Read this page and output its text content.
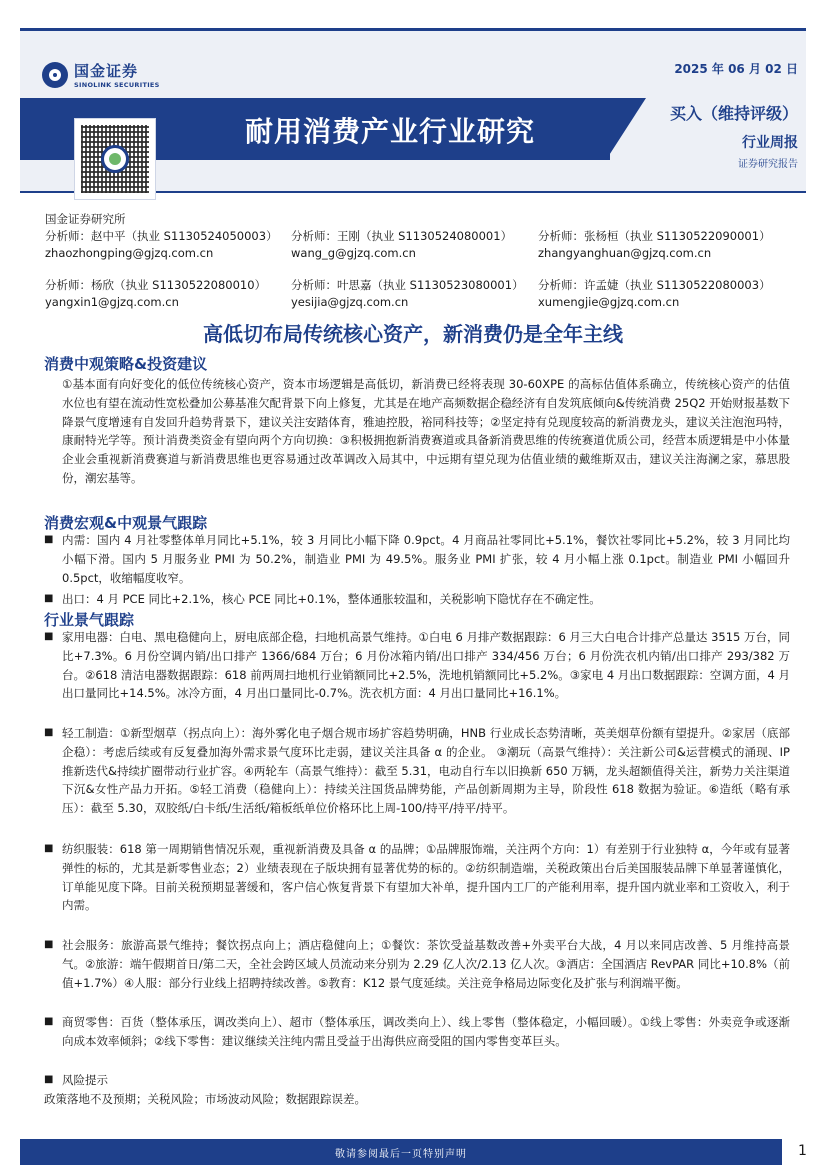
国金证券
SINOLINK SECURITIES
耐用消费产业行业研究
2025 年 06 月 02 日
买入（维持评级）
行业周报
证券研究报告
国金证券研究所
分析师：赵中平（执业 S1130524050003）
zhaozhongping@gjzq.com.cn
分析师：王刚（执业 S1130524080001）
wang_g@gjzq.com.cn
分析师：张杨桓（执业 S1130522090001）
zhangyanghuan@gjzq.com.cn
分析师：杨欣（执业 S1130522080010）
yangxin1@gjzq.com.cn
分析师：叶思嘉（执业 S1130523080001）
yesijia@gjzq.com.cn
分析师：许孟婕（执业 S1130522080003）
xumengjie@gjzq.com.cn
高低切布局传统核心资产，新消费仍是全年主线
消费中观策略&投资建议
①基本面有向好变化的低位传统核心资产，资本市场逻辑是高低切，新消费已经将表现 30-60XPE 的高标估值体系确立，传统核心资产的估值水位也有望在流动性宽松叠加公募基准欠配背景下向上修复，尤其是在地产高频数据企稳经济有自发筑底倾向&传统消费 25Q2 开始财报基数下降景气度增速有自发回升趋势背景下，建议关注安踏体育，雅迪控股，裕同科技等；②坚定持有兑现度较高的新消费龙头，建议关注泡泡玛特，康耐特光学等。预计消费类资金有望向两个方向切换：③积极拥抱新消费赛道或具备新消费思维的传统赛道优质公司，经营本质逻辑是中小体量企业会重视新消费赛道与新消费思维也更容易通过改革调改入局其中，中远期有望兑现为估值业绩的戴维斯双击，建议关注海澜之家，慕思股份，潮宏基等。
消费宏观&中观景气跟踪
■ 内需：国内 4 月社零整体单月同比+5.1%，较 3 月同比小幅下降 0.9pct。4 月商品社零同比+5.1%，餐饮社零同比+5.2%，较 3 月同比均小幅下滑。国内 5 月服务业 PMI 为 50.2%，制造业 PMI 为 49.5%。服务业 PMI 扩张，较 4 月小幅上涨 0.1pct。制造业 PMI 小幅回升 0.5pct，收缩幅度收窄。
■ 出口：4 月 PCE 同比+2.1%，核心 PCE 同比+0.1%，整体通胀较温和，关税影响下隐忧存在不确定性。
行业景气跟踪
■ 家用电器：白电、黑电稳健向上，厨电底部企稳，扫地机高景气维持。①白电 6 月排产数据跟踪：6 月三大白电合计排产总量达 3515 万台，同比+7.3%。6 月份空调内销/出口排产 1366/684 万台；6 月份冰箱内销/出口排产 334/456 万台；6 月份洗衣机内销/出口排产 293/382 万台。②618 清洁电器数据跟踪：618 前两周扫地机行业销额同比+2.5%，洗地机销额同比+5.2%。③家电 4 月出口数据跟踪：空调方面，4 月出口量同比+14.5%。冰冷方面，4 月出口量同比-0.7%。洗衣机方面：4 月出口量同比+16.1%。
■ 轻工制造：①新型烟草（拐点向上）：海外雾化电子烟合规市场扩容趋势明确，HNB 行业成长态势清晰，英美烟草份额有望提升。②家居（底部企稳）：考虑后续或有反复叠加海外需求景气度环比走弱，建议关注具备 α 的企业。 ③潮玩（高景气维持）：关注新公司&运营模式的涌现、IP 推新迭代&持续扩圈带动行业扩容。④两轮车（高景气维持）：截至 5.31，电动自行车以旧换新 650 万辆，龙头超额值得关注，新势力关注渠道下沉&女性产品力开拓。⑤轻工消费（稳健向上）：持续关注国货品牌势能，产品创新周期为主导，阶段性 618 数据为验证。⑥造纸（略有承压）：截至 5.30，双胶纸/白卡纸/生活纸/箱板纸单位价格环比上周-100/持平/持平/持平。
■ 纺织服装：618 第一周期销售情况乐观，重视新消费及具备 α 的品牌；①品牌服饰端，关注两个方向：1）有差别于行业独特 α，今年或有显著弹性的标的，尤其是新零售业态；2）业绩表现在子版块拥有显著优势的标的。②纺织制造端，关税政策出台后美国服装品牌下单显著谨慎化，订单能见度下降。目前关税预期显著缓和，客户信心恢复背景下有望加大补单，提升国内工厂的产能利用率，提升国内就业率和工资收入，利于内需。
■ 社会服务：旅游高景气维持；餐饮拐点向上；酒店稳健向上；①餐饮：茶饮受益基数改善+外卖平台大战，4 月以来同店改善、5 月维持高景气。②旅游：端午假期首日/第二天，全社会跨区域人员流动来分别为 2.29 亿人次/2.13 亿人次。③酒店：全国酒店 RevPAR 同比+10.8%（前值+1.7%）④人服：部分行业线上招聘持续改善。⑤教育：K12 景气度延续。关注竞争格局边际变化及扩张与利润端平衡。
■ 商贸零售：百货（整体承压，调改类向上）、超市（整体承压，调改类向上）、线上零售（整体稳定，小幅回暖）。①线上零售：外卖竞争或逐渐向成本效率倾斜；②线下零售：建议继续关注纯内需且受益于出海供应商受阻的国内零售变革巨头。
■ 风险提示
政策落地不及预期；关税风险；市场波动风险；数据跟踪误差。
敬请参阅最后一页特别声明	1
